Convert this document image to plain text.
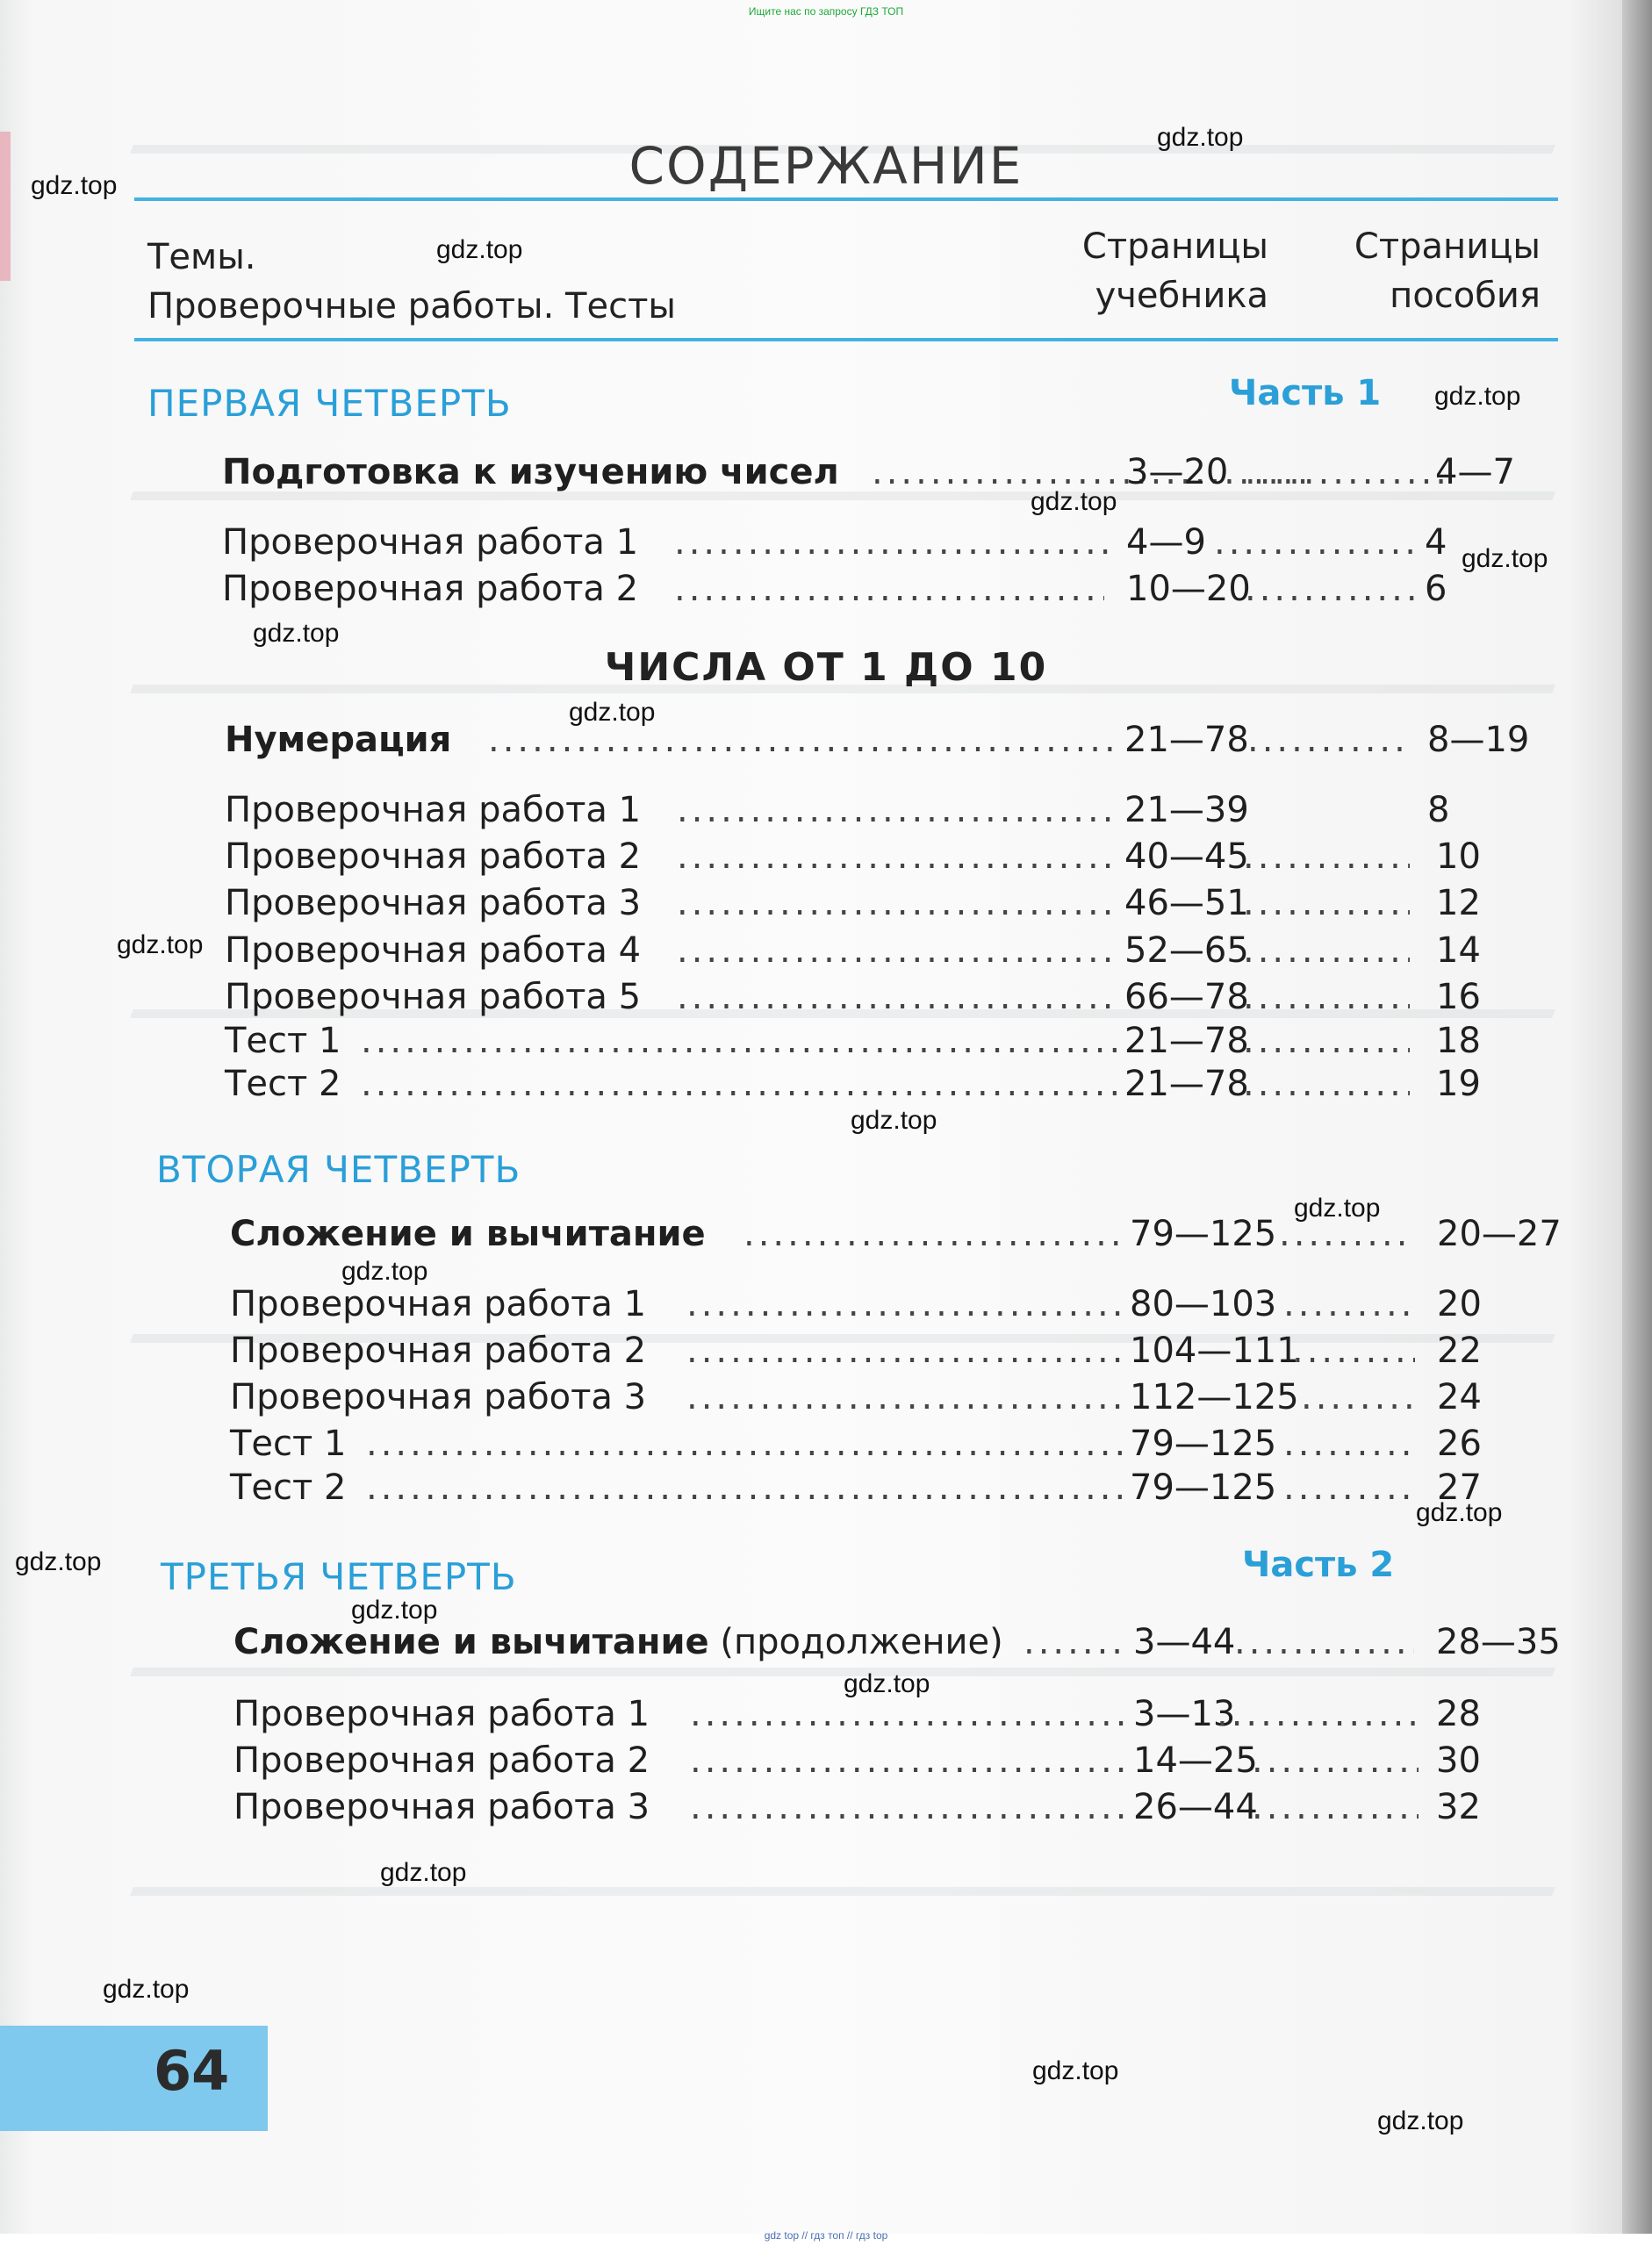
Ищите нас по запросу ГДЗ ТОП
СОДЕРЖАНИЕ
Темы.
Проверочные работы. Тесты
Страницы
учебника
Страницы
пособия
ПЕРВАЯ ЧЕТВЕРТЬ	Часть 1
Подготовка к изучению чисел .....	3—20 .....	4—7
Проверочная работа 1 .....	4—9 .....	4
Проверочная работа 2 .....	10—20 .....	6
ЧИСЛА ОТ 1 ДО 10
Нумерация .....	21—78 .....	8—19
Проверочная работа 1 .....	21—39	8
Проверочная работа 2 .....	40—45 .....	10
Проверочная работа 3 .....	46—51 .....	12
Проверочная работа 4 .....	52—65 .....	14
Проверочная работа 5 .....	66—78 .....	16
Тест 1 .....	21—78 .....	18
Тест 2 .....	21—78 .....	19
ВТОРАЯ ЧЕТВЕРТЬ
Сложение и вычитание .....	79—125 .....	20—27
Проверочная работа 1 .....	80—103 .....	20
Проверочная работа 2 .....	104—111 .....	22
Проверочная работа 3 .....	112—125 .....	24
Тест 1 .....	79—125 .....	26
Тест 2 .....	79—125 .....	27
ТРЕТЬЯ ЧЕТВЕРТЬ	Часть 2
Сложение и вычитание (продолжение) .....	3—44 .....	28—35
Проверочная работа 1 .....	3—13 .....	28
Проверочная работа 2 .....	14—25 .....	30
Проверочная работа 3 .....	26—44 .....	32
gdz.top
gdz.top
gdz.top
gdz.top
gdz.top
gdz.top
gdz.top
gdz.top
gdz.top
gdz.top
gdz.top
gdz.top
gdz.top
gdz.top
gdz.top
gdz.top
gdz.top
gdz.top
gdz.top
gdz.top
64
gdz top // гдз топ // гдз top
